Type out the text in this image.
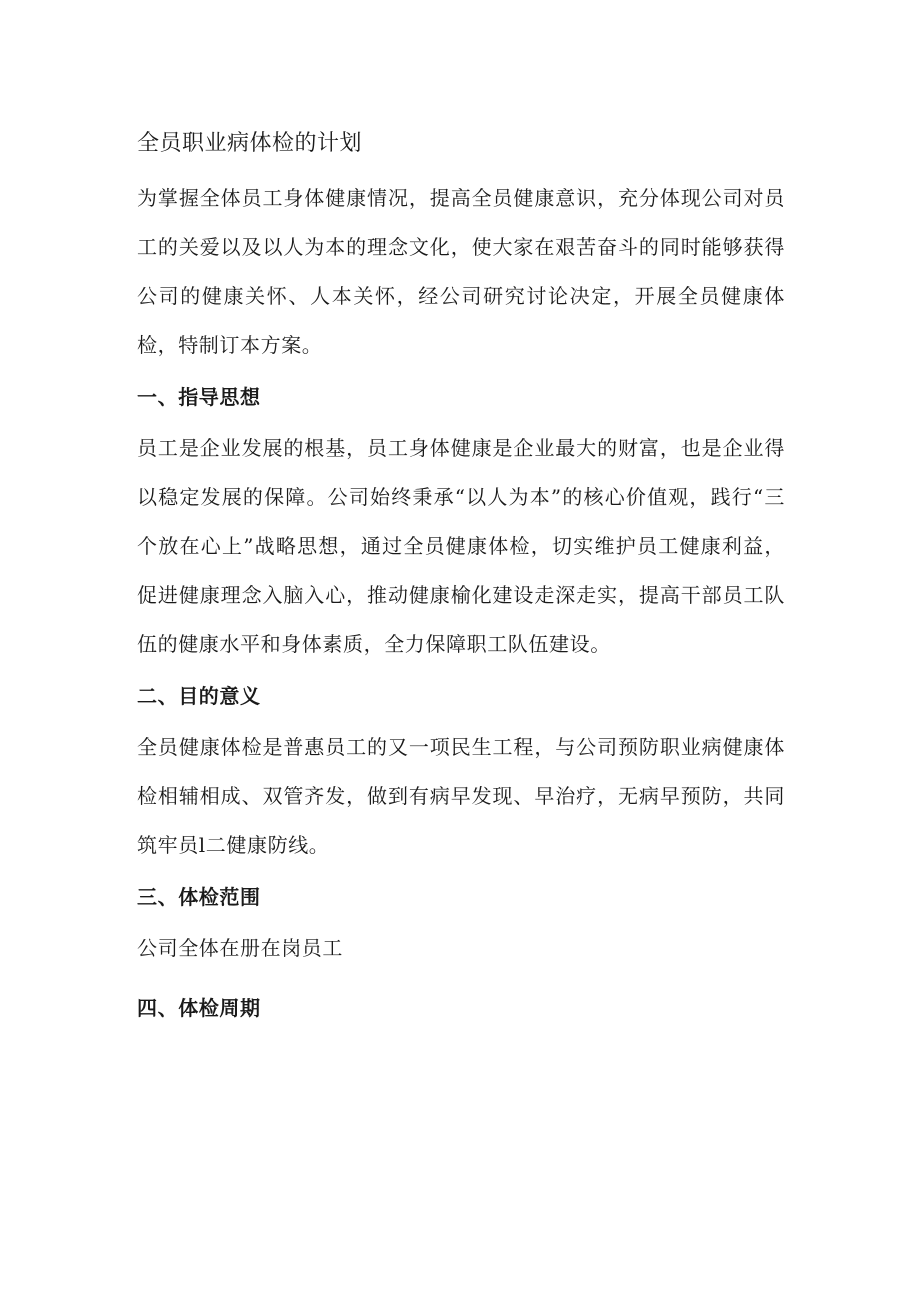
全员职业病体检的计划

为掌握全体员工身体健康情况，提高全员健康意识，充分体现公司对员工的关爱以及以人为本的理念文化，使大家在艰苦奋斗的同时能够获得公司的健康关怀、人本关怀，经公司研究讨论决定，开展全员健康体检，特制订本方案。

一、指导思想

员工是企业发展的根基，员工身体健康是企业最大的财富，也是企业得以稳定发展的保障。公司始终秉承“以人为本”的核心价值观，践行“三个放在心上”战略思想，通过全员健康体检，切实维护员工健康利益，促进健康理念入脑入心，推动健康榆化建设走深走实，提高干部员工队伍的健康水平和身体素质，全力保障职工队伍建设。

二、目的意义

全员健康体检是普惠员工的又一项民生工程，与公司预防职业病健康体检相辅相成、双管齐发，做到有病早发现、早治疗，无病早预防，共同筑牢员l二健康防线。

三、体检范围

公司全体在册在岗员工

四、体检周期
